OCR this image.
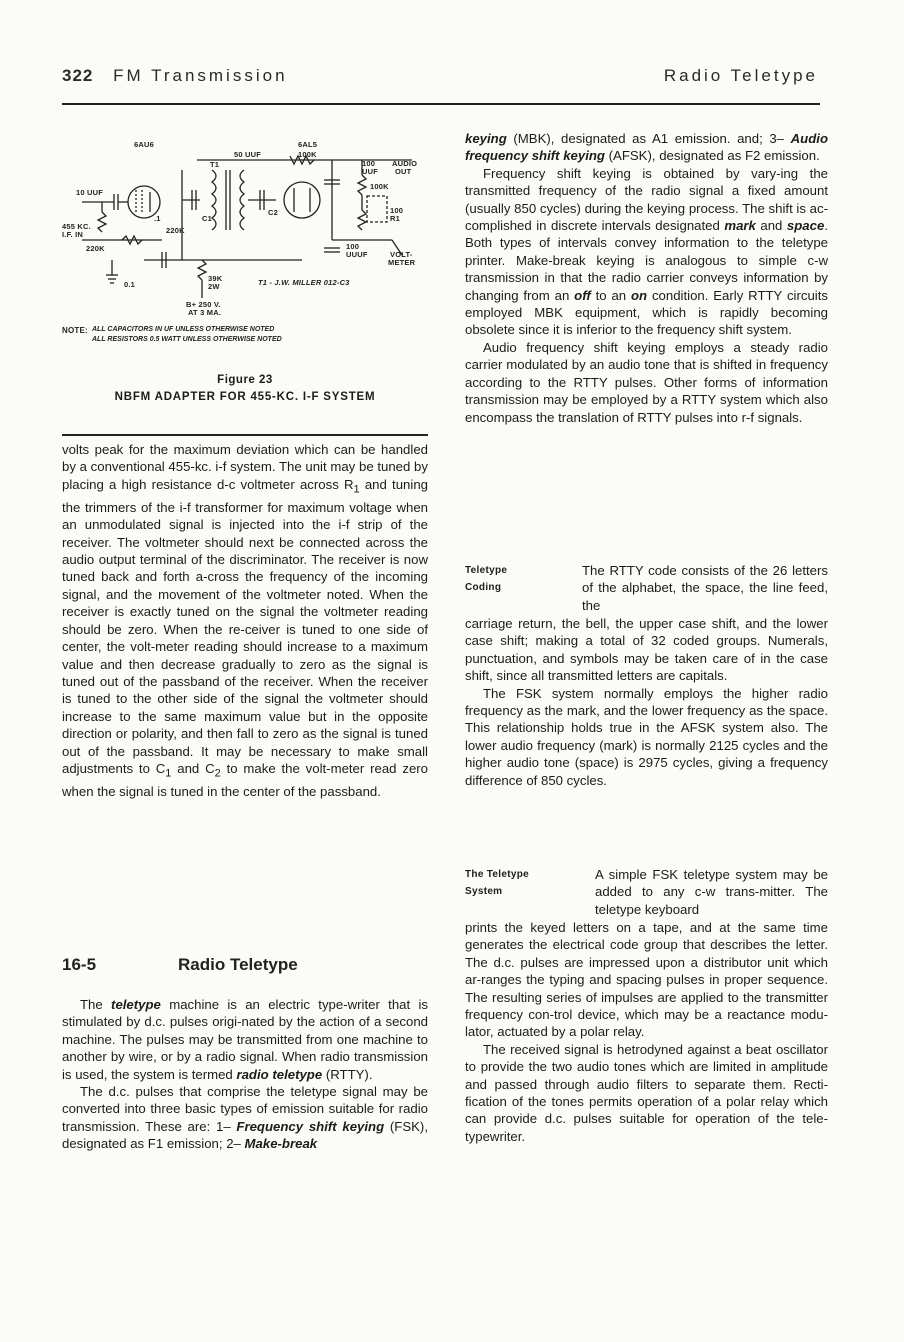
322 FM Transmission	Radio Teletype
6AU6	6AL5
50 UUF	100K
100
UUF
AUDIO
OUT
10 UUF
455 KC.
I.F. IN
220K
220K
.1	C1
C2
T1
100K
100
UUUF
100
R1
VOLT-
METER
0.1
39K
2W	T1 - J.W. MILLER 012-C3
B+ 250 V.
AT 3 MA.
NOTE: ALL CAPACITORS IN UF UNLESS OTHERWISE NOTED
ALL RESISTORS 0.5 WATT UNLESS OTHERWISE NOTED
Figure 23
NBFM ADAPTER FOR 455-KC. I-F SYSTEM

volts peak for the maximum deviation which can be handled by a conventional 455-kc. i-f system. The unit may be tuned by placing a high resistance d-c voltmeter across $R_1$ and tuning the trimmers of the i-f transformer for maximum voltage when an unmodulated signal is injected into the i-f strip of the receiver. The voltmeter should next be connected across the audio output terminal of the discriminator. The receiver is now tuned back and forth a-cross the frequency of the incoming signal, and the movement of the voltmeter noted. When the receiver is exactly tuned on the signal the voltmeter reading should be zero. When the re-ceiver is tuned to one side of center, the volt-meter reading should increase to a maximum value and then decrease gradually to zero as the signal is tuned out of the passband of the receiver. When the receiver is tuned to the other side of the signal the voltmeter should increase to the same maximum value but in the opposite direction or polarity, and then fall to zero as the signal is tuned out of the passband. It may be necessary to make small adjustments to $C_1$ and $C_2$ to make the volt-meter read zero when the signal is tuned in the center of the passband.

16-5	Radio Teletype

The teletype machine is an electric type-writer that is stimulated by d.c. pulses origi-nated by the action of a second machine. The pulses may be transmitted from one machine to another by wire, or by a radio signal. When radio transmission is used, the system is termed radio teletype (RTTY).

The d.c. pulses that comprise the teletype signal may be converted into three basic types of emission suitable for radio transmission. These are: 1– Frequency shift keying (FSK), designated as F1 emission; 2– Make-break

keying (MBK), designated as A1 emission. and; 3– Audio frequency shift keying (AFSK), designated as F2 emission.

Frequency shift keying is obtained by vary-ing the transmitted frequency of the radio signal a fixed amount (usually 850 cycles) during the keying process. The shift is ac-complished in discrete intervals designated mark and space. Both types of intervals convey information to the teletype printer. Make-break keying is analogous to simple c-w transmission in that the radio carrier conveys information by changing from an off to an on condition. Early RTTY circuits employed MBK equipment, which is rapidly becoming obsolete since it is inferior to the frequency shift system.

Audio frequency shift keying employs a steady radio carrier modulated by an audio tone that is shifted in frequency according to the RTTY pulses. Other forms of information transmission may be employed by a RTTY system which also encompass the translation of RTTY pulses into r-f signals.

Teletype
Coding

The RTTY code consists of the 26 letters of the alphabet, the space, the line feed, the

carriage return, the bell, the upper case shift, and the lower case shift; making a total of 32 coded groups. Numerals, punctuation, and symbols may be taken care of in the case shift, since all transmitted letters are capitals.

The FSK system normally employs the higher radio frequency as the mark, and the lower frequency as the space. This relationship holds true in the AFSK system also. The lower audio frequency (mark) is normally 2125 cycles and the higher audio tone (space) is 2975 cycles, giving a frequency difference of 850 cycles.

The Teletype
System

A simple FSK teletype system may be added to any c-w trans-mitter. The teletype keyboard

prints the keyed letters on a tape, and at the same time generates the electrical code group that describes the letter. The d.c. pulses are impressed upon a distributor unit which ar-ranges the typing and spacing pulses in proper sequence. The resulting series of impulses are applied to the transmitter frequency con-trol device, which may be a reactance modu-lator, actuated by a polar relay.

The received signal is hetrodyned against a beat oscillator to provide the two audio tones which are limited in amplitude and passed through audio filters to separate them. Recti-fication of the tones permits operation of a polar relay which can provide d.c. pulses suitable for operation of the tele-typewriter.
